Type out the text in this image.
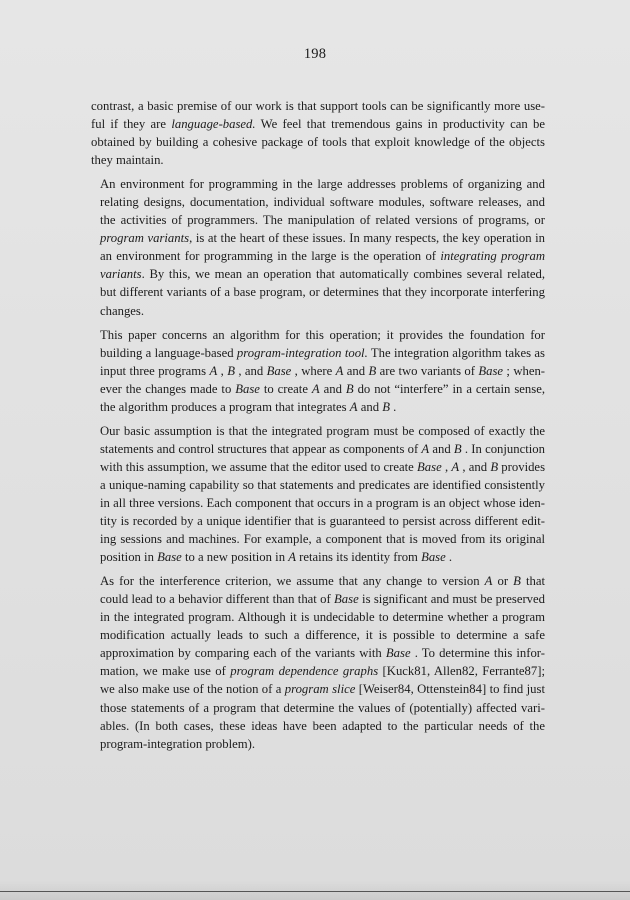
198

contrast, a basic premise of our work is that support tools can be significantly more use-
ful if they are language-based. We feel that tremendous gains in productivity can be
obtained by building a cohesive package of tools that exploit knowledge of the objects
they maintain.

An environment for programming in the large addresses problems of organizing and
relating designs, documentation, individual software modules, software releases, and
the activities of programmers. The manipulation of related versions of programs, or
program variants, is at the heart of these issues. In many respects, the key operation in
an environment for programming in the large is the operation of integrating program
variants. By this, we mean an operation that automatically combines several related,
but different variants of a base program, or determines that they incorporate interfering
changes.

This paper concerns an algorithm for this operation; it provides the foundation for
building a language-based program-integration tool. The integration algorithm takes as
input three programs A , B , and Base , where A and B are two variants of Base ; when-
ever the changes made to Base to create A and B do not “interfere” in a certain sense,
the algorithm produces a program that integrates A and B .

Our basic assumption is that the integrated program must be composed of exactly the
statements and control structures that appear as components of A and B . In conjunction
with this assumption, we assume that the editor used to create Base , A , and B provides
a unique-naming capability so that statements and predicates are identified consistently
in all three versions. Each component that occurs in a program is an object whose iden-
tity is recorded by a unique identifier that is guaranteed to persist across different edit-
ing sessions and machines. For example, a component that is moved from its original
position in Base to a new position in A retains its identity from Base .

As for the interference criterion, we assume that any change to version A or B that
could lead to a behavior different than that of Base is significant and must be preserved
in the integrated program. Although it is undecidable to determine whether a program
modification actually leads to such a difference, it is possible to determine a safe
approximation by comparing each of the variants with Base . To determine this infor-
mation, we make use of program dependence graphs [Kuck81, Allen82, Ferrante87];
we also make use of the notion of a program slice [Weiser84, Ottenstein84] to find just
those statements of a program that determine the values of (potentially) affected vari-
ables. (In both cases, these ideas have been adapted to the particular needs of the
program-integration problem).
